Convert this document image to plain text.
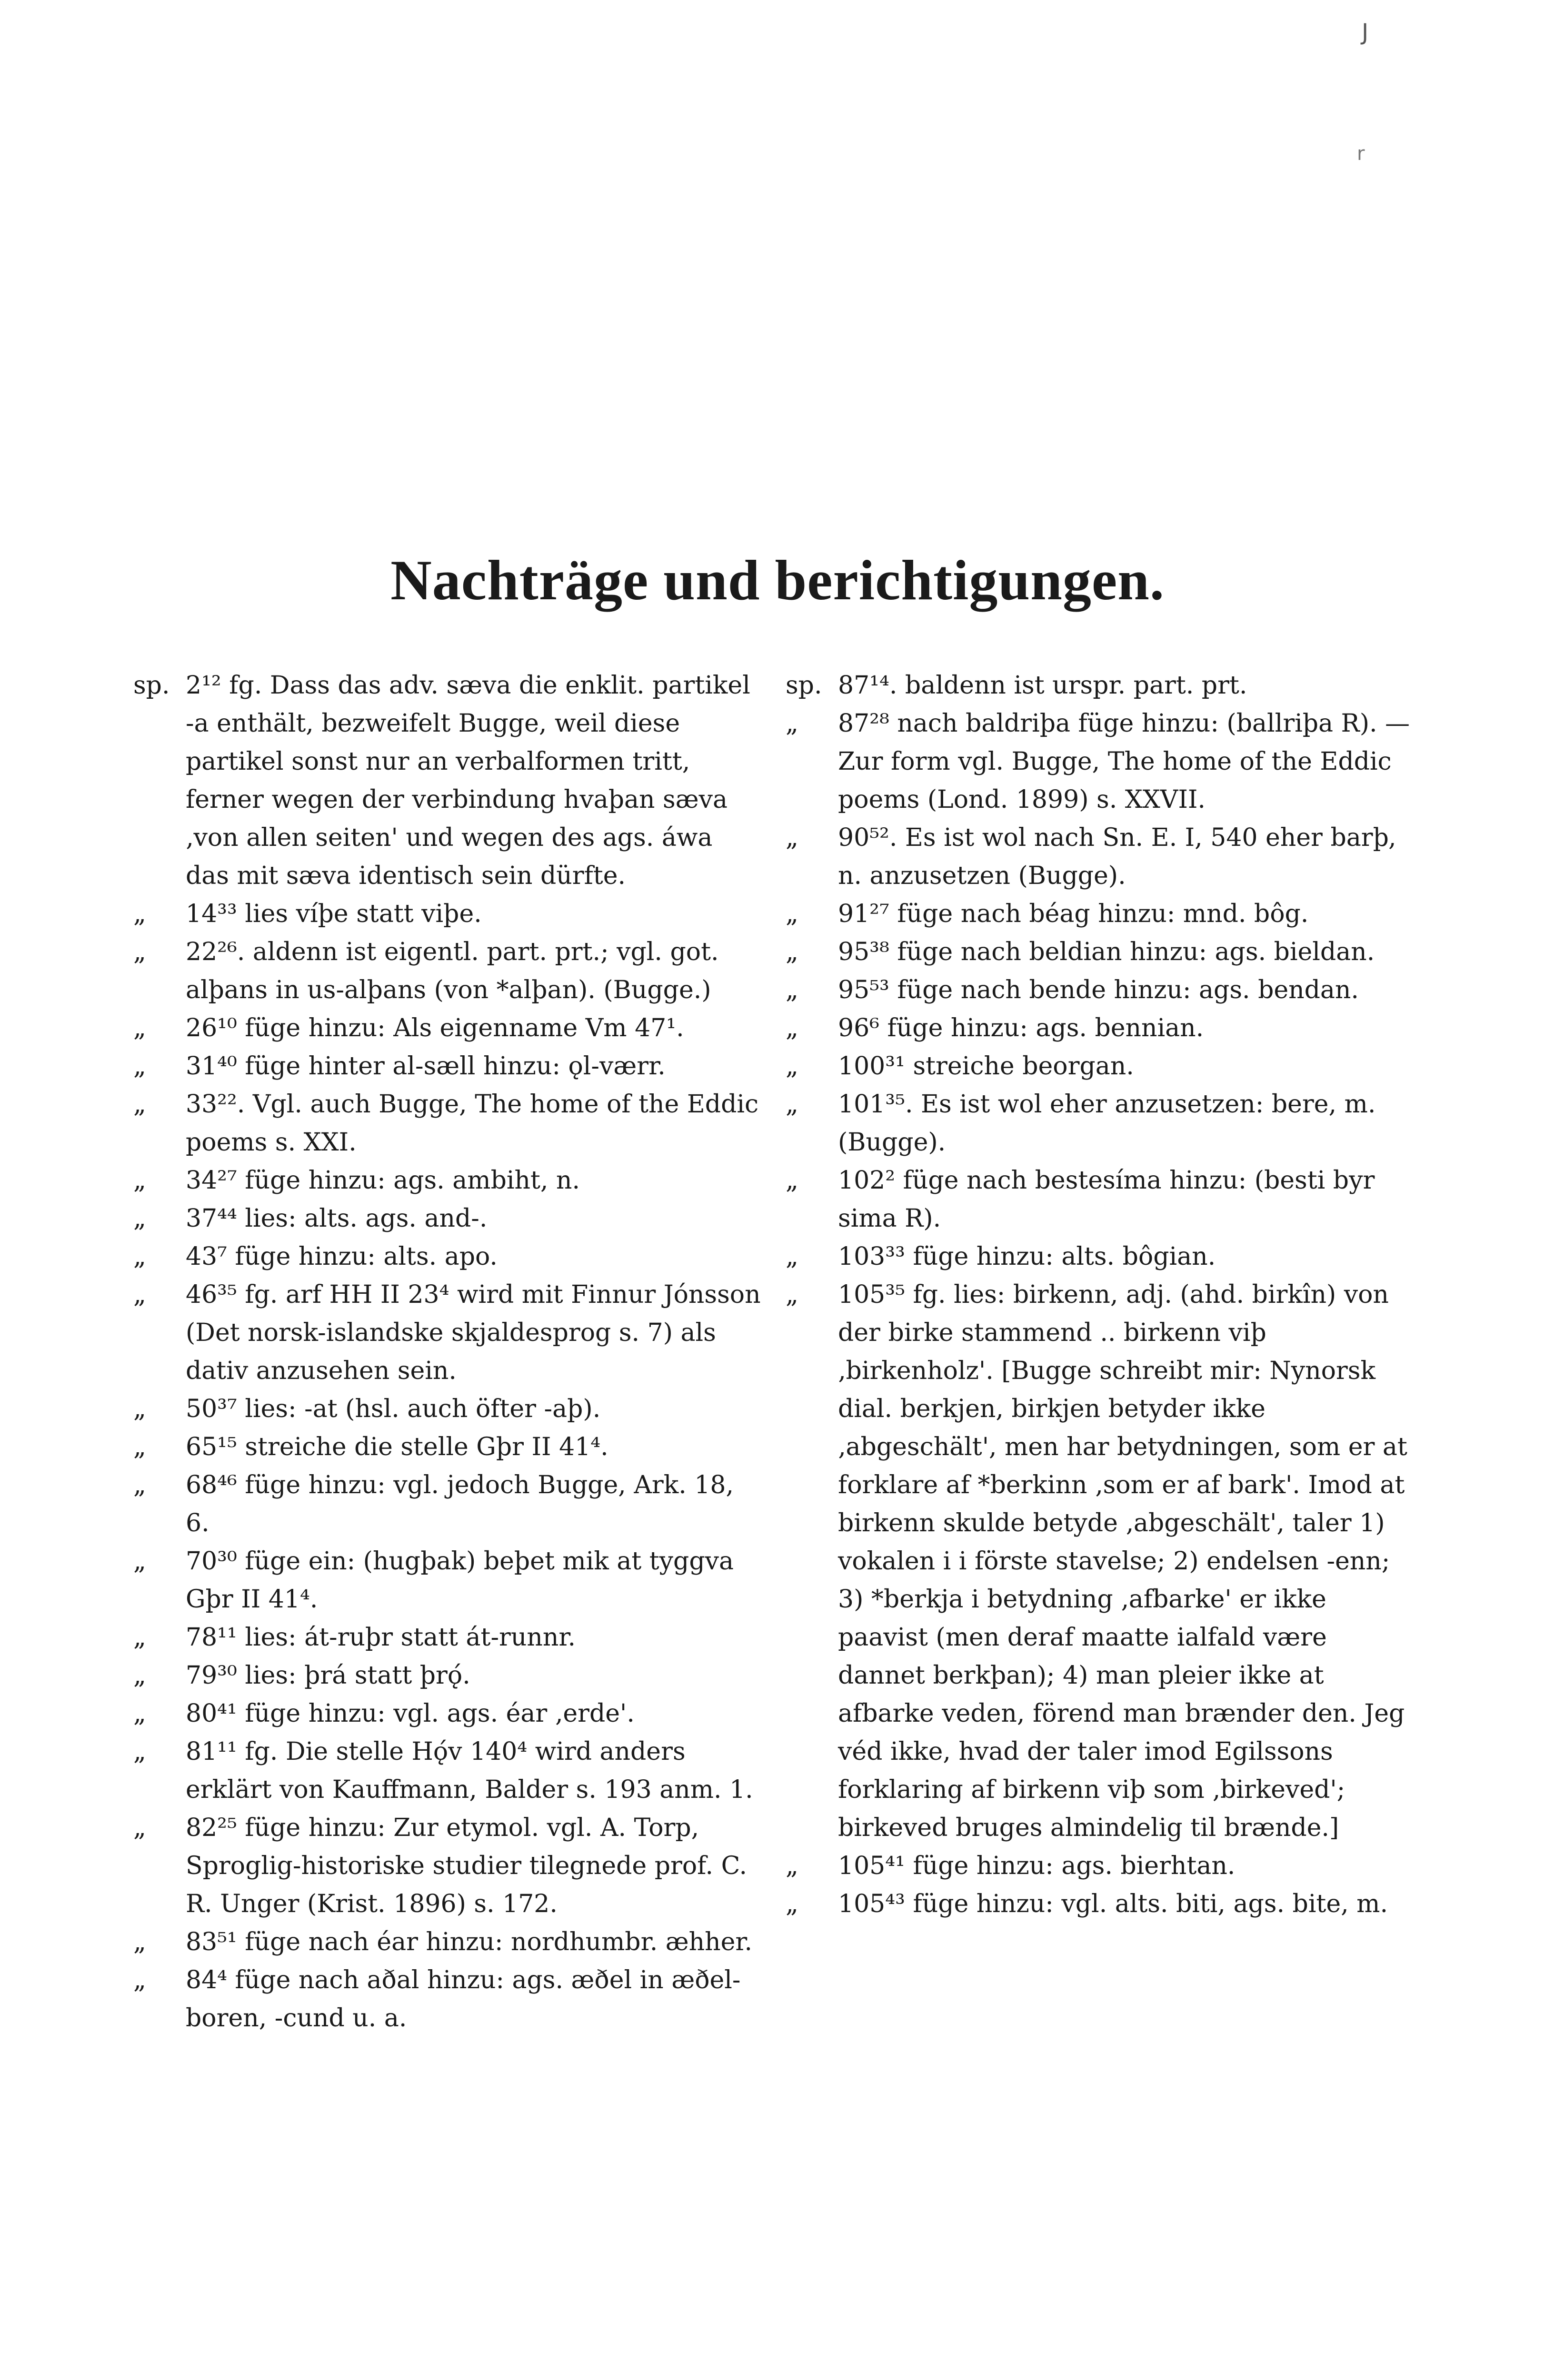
J
r
Nachträge und berichtigungen.
sp. 2¹² fg. Dass das adv. sæva die enklit. partikel -a enthält, bezweifelt Bugge, weil diese partikel sonst nur an verbalformen tritt, ferner wegen der verbindung hvaþan sæva ‚von allen seiten' und wegen des ags. áwa das mit sæva identisch sein dürfte.
„ 14³³ lies víþe statt viþe.
„ 22²⁶. aldenn ist eigentl. part. prt.; vgl. got. alþans in us-alþans (von *alþan). (Bugge.)
„ 26¹⁰ füge hinzu: Als eigenname Vm 47¹.
„ 31⁴⁰ füge hinter al-sæll hinzu: ǫl-værr.
„ 33²². Vgl. auch Bugge, The home of the Eddic poems s. XXI.
„ 34²⁷ füge hinzu: ags. ambiht, n.
„ 37⁴⁴ lies: alts. ags. and-.
„ 43⁷ füge hinzu: alts. apo.
„ 46³⁵ fg. arf HH II 23⁴ wird mit Finnur Jónsson (Det norsk-islandske skjaldesprog s. 7) als dativ anzusehen sein.
„ 50³⁷ lies: -at (hsl. auch öfter -aþ).
„ 65¹⁵ streiche die stelle Gþr II 41⁴.
„ 68⁴⁶ füge hinzu: vgl. jedoch Bugge, Ark. 18, 6.
„ 70³⁰ füge ein: (hugþak) beþet mik at tyggva Gþr II 41⁴.
„ 78¹¹ lies: át-ruþr statt át-runnr.
„ 79³⁰ lies: þrá statt þrǫ́.
„ 80⁴¹ füge hinzu: vgl. ags. éar ‚erde'.
„ 81¹¹ fg. Die stelle Hǫ́v 140⁴ wird anders erklärt von Kauffmann, Balder s. 193 anm. 1.
„ 82²⁵ füge hinzu: Zur etymol. vgl. A. Torp, Sproglig-historiske studier tilegnede prof. C. R. Unger (Krist. 1896) s. 172.
„ 83⁵¹ füge nach éar hinzu: nordhumbr. æhher.
„ 84⁴ füge nach aðal hinzu: ags. æðel in æðel-boren, -cund u. a.
sp. 87¹⁴. baldenn ist urspr. part. prt.
„ 87²⁸ nach baldriþa füge hinzu: (ballriþa R). — Zur form vgl. Bugge, The home of the Eddic poems (Lond. 1899) s. XXVII.
„ 90⁵². Es ist wol nach Sn. E. I, 540 eher barþ, n. anzusetzen (Bugge).
„ 91²⁷ füge nach béag hinzu: mnd. bôg.
„ 95³⁸ füge nach beldian hinzu: ags. bieldan.
„ 95⁵³ füge nach bende hinzu: ags. bendan.
„ 96⁶ füge hinzu: ags. bennian.
„ 100³¹ streiche beorgan.
„ 101³⁵. Es ist wol eher anzusetzen: bere, m. (Bugge).
„ 102² füge nach bestesíma hinzu: (besti byr sima R).
„ 103³³ füge hinzu: alts. bôgian.
„ 105³⁵ fg. lies: birkenn, adj. (ahd. birkîn) von der birke stammend .. birkenn viþ ‚birkenholz'. [Bugge schreibt mir: Nynorsk dial. berkjen, birkjen betyder ikke ‚abgeschält', men har betydningen, som er at forklare af *berkinn ‚som er af bark'. Imod at birkenn skulde betyde ‚abgeschält', taler 1) vokalen i i förste stavelse; 2) endelsen -enn; 3) *berkja i betydning ‚afbarke' er ikke paavist (men deraf maatte ialfald være dannet berkþan); 4) man pleier ikke at afbarke veden, förend man brænder den. Jeg véd ikke, hvad der taler imod Egilssons forklaring af birkenn viþ som ‚birkeved'; birkeved bruges almindelig til brænde.]
„ 105⁴¹ füge hinzu: ags. bierhtan.
„ 105⁴³ füge hinzu: vgl. alts. biti, ags. bite, m.
